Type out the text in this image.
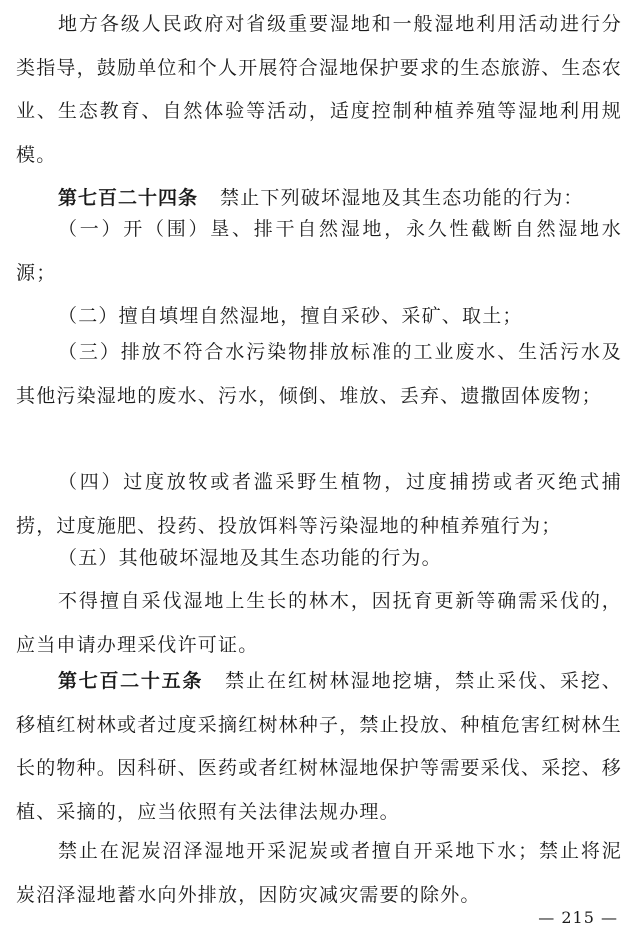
地方各级人民政府对省级重要湿地和一般湿地利用活动进行分类指导，鼓励单位和个人开展符合湿地保护要求的生态旅游、生态农业、生态教育、自然体验等活动，适度控制种植养殖等湿地利用规模。

第七百二十四条 禁止下列破坏湿地及其生态功能的行为：

（一）开（围）垦、排干自然湿地，永久性截断自然湿地水源；

（二）擅自填埋自然湿地，擅自采砂、采矿、取土；

（三）排放不符合水污染物排放标准的工业废水、生活污水及其他污染湿地的废水、污水，倾倒、堆放、丢弃、遗撒固体废物；

（四）过度放牧或者滥采野生植物，过度捕捞或者灭绝式捕捞，过度施肥、投药、投放饵料等污染湿地的种植养殖行为；

（五）其他破坏湿地及其生态功能的行为。

不得擅自采伐湿地上生长的林木，因抚育更新等确需采伐的，应当申请办理采伐许可证。

第七百二十五条 禁止在红树林湿地挖塘，禁止采伐、采挖、移植红树林或者过度采摘红树林种子，禁止投放、种植危害红树林生长的物种。因科研、医药或者红树林湿地保护等需要采伐、采挖、移植、采摘的，应当依照有关法律法规办理。

禁止在泥炭沼泽湿地开采泥炭或者擅自开采地下水；禁止将泥炭沼泽湿地蓄水向外排放，因防灾减灾需要的除外。

— 215 —
